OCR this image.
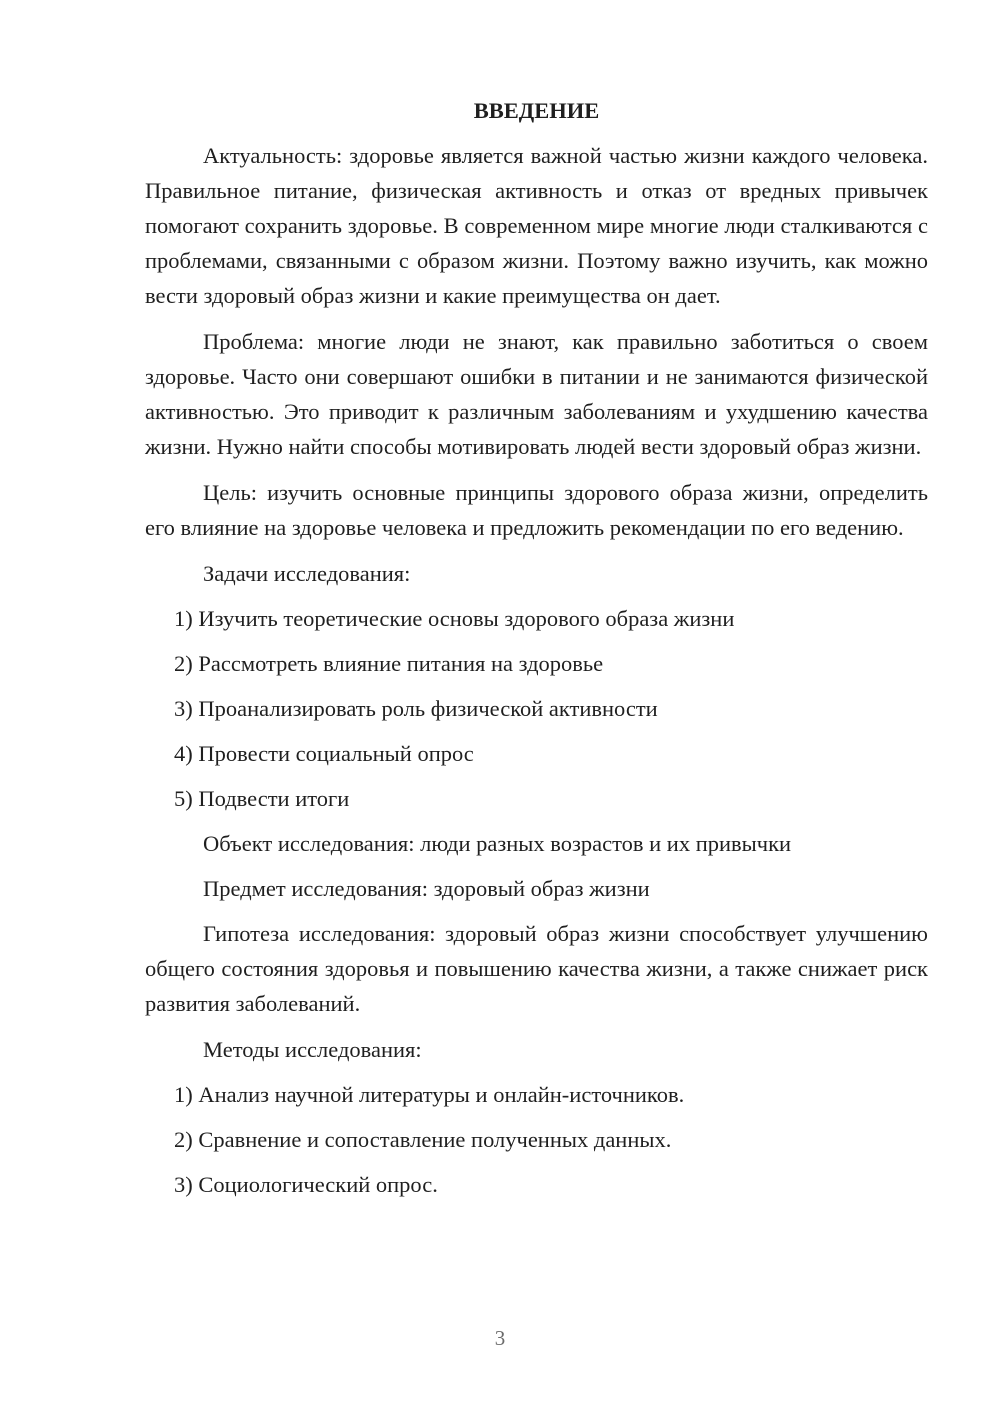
ВВЕДЕНИЕ

Актуальность: здоровье является важной частью жизни каждого человека. Правильное питание, физическая активность и отказ от вредных привычек помогают сохранить здоровье. В современном мире многие люди сталкиваются с проблемами, связанными с образом жизни. Поэтому важно изучить, как можно вести здоровый образ жизни и какие преимущества он дает.

Проблема: многие люди не знают, как правильно заботиться о своем здоровье. Часто они совершают ошибки в питании и не занимаются физической активностью. Это приводит к различным заболеваниям и ухудшению качества жизни. Нужно найти способы мотивировать людей вести здоровый образ жизни.

Цель: изучить основные принципы здорового образа жизни, определить его влияние на здоровье человека и предложить рекомендации по его ведению.

Задачи исследования:

1) Изучить теоретические основы здорового образа жизни
2) Рассмотреть влияние питания на здоровье
3) Проанализировать роль физической активности
4) Провести социальный опрос
5) Подвести итоги

Объект исследования: люди разных возрастов и их привычки

Предмет исследования: здоровый образ жизни

Гипотеза исследования: здоровый образ жизни способствует улучшению общего состояния здоровья и повышению качества жизни, а также снижает риск развития заболеваний.

Методы исследования:

1) Анализ научной литературы и онлайн-источников.
2) Сравнение и сопоставление полученных данных.
3) Социологический опрос.
3
